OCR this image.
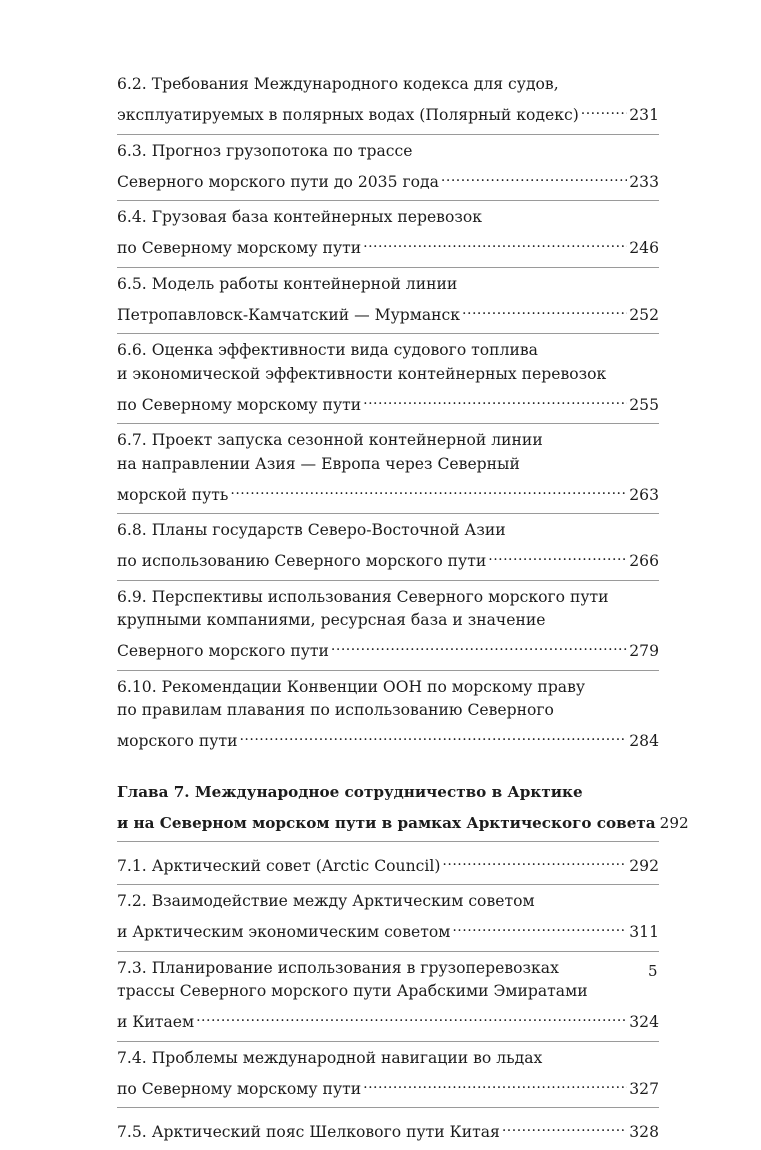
6.2. Требования Международного кодекса для судов,
эксплуатируемых в полярных водах (Полярный кодекс) .....	231
6.3. Прогноз грузопотока по трассе
Северного морского пути до 2035 года .....	233
6.4. Грузовая база контейнерных перевозок
по Северному морскому пути .....	246
6.5. Модель работы контейнерной линии
Петропавловск-Камчатский — Мурманск .....	252
6.6. Оценка эффективности вида судового топлива
и экономической эффективности контейнерных перевозок
по Северному морскому пути .....	255
6.7. Проект запуска сезонной контейнерной линии
на направлении Азия — Европа через Северный
морской путь .....	263
6.8. Планы государств Северо-Восточной Азии
по использованию Северного морского пути .....	266
6.9. Перспективы использования Северного морского пути
крупными компаниями, ресурсная база и значение
Северного морского пути .....	279
6.10. Рекомендации Конвенции ООН по морскому праву
по правилам плавания по использованию Северного
морского пути .....	284
Глава 7. Международное сотрудничество в Арктике
и на Северном морском пути в рамках Арктического совета 292
7.1. Арктический совет (Arctic Council) .....	292
7.2. Взаимодействие между Арктическим советом
и Арктическим экономическим советом .....	311
7.3. Планирование использования в грузоперевозках
трассы Северного морского пути Арабскими Эмиратами
и Китаем .....	324
7.4. Проблемы международной навигации во льдах
по Северному морскому пути .....	327
7.5. Арктический пояс Шелкового пути Китая .....	328
5
